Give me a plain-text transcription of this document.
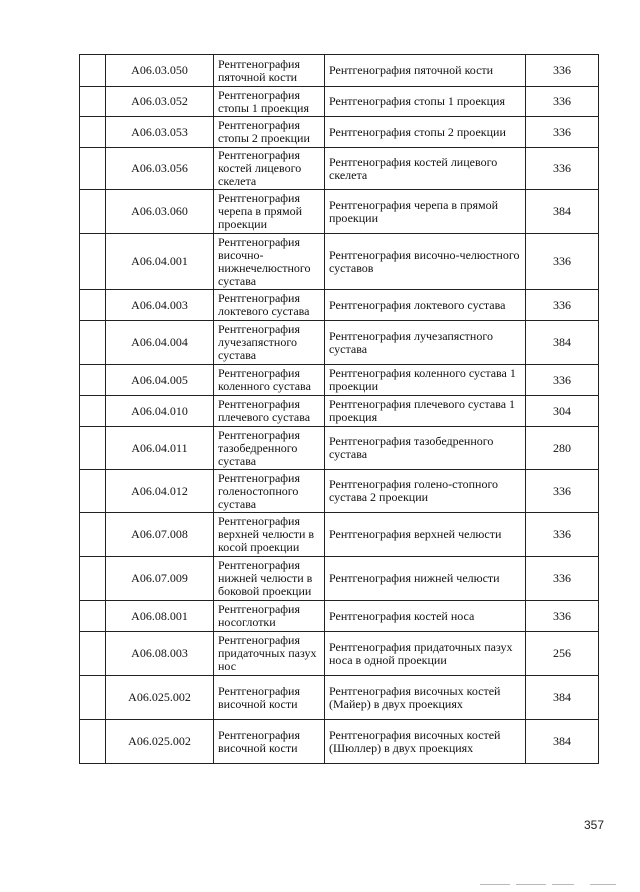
	A06.03.050	Рентгенография пяточной кости	Рентгенография пяточной кости	336
	A06.03.052	Рентгенография стопы 1 проекция	Рентгенография стопы 1 проекция	336
	A06.03.053	Рентгенография стопы 2 проекции	Рентгенография стопы 2 проекции	336
	A06.03.056	Рентгенография костей лицевого скелета	Рентгенография костей лицевого скелета	336
	A06.03.060	Рентгенография черепа в прямой проекции	Рентгенография черепа в прямой проекции	384
	A06.04.001	Рентгенография височно-нижнечелюстного сустава	Рентгенография височно-челюстного суставов	336
	A06.04.003	Рентгенография локтевого сустава	Рентгенография локтевого сустава	336
	A06.04.004	Рентгенография лучезапястного сустава	Рентгенография лучезапястного сустава	384
	A06.04.005	Рентгенография коленного сустава	Рентгенография коленного сустава 1 проекции	336
	A06.04.010	Рентгенография плечевого сустава	Рентгенография плечевого сустава 1 проекция	304
	A06.04.011	Рентгенография тазобедренного сустава	Рентгенография тазобедренного сустава	280
	A06.04.012	Рентгенография голеностопного сустава	Рентгенография голено-стопного сустава 2 проекции	336
	A06.07.008	Рентгенография верхней челюсти в косой проекции	Рентгенография верхней челюсти	336
	A06.07.009	Рентгенография нижней челюсти в боковой проекции	Рентгенография нижней челюсти	336
	A06.08.001	Рентгенография носоглотки	Рентгенография костей носа	336
	A06.08.003	Рентгенография придаточных пазух нос	Рентгенография придаточных пазух носа в одной проекции	256
	A06.025.002	Рентгенография височной кости	Рентгенография височных костей (Майер) в двух проекциях	384
	A06.025.002	Рентгенография височной кости	Рентгенография височных костей (Шюллер) в двух проекциях	384
357
